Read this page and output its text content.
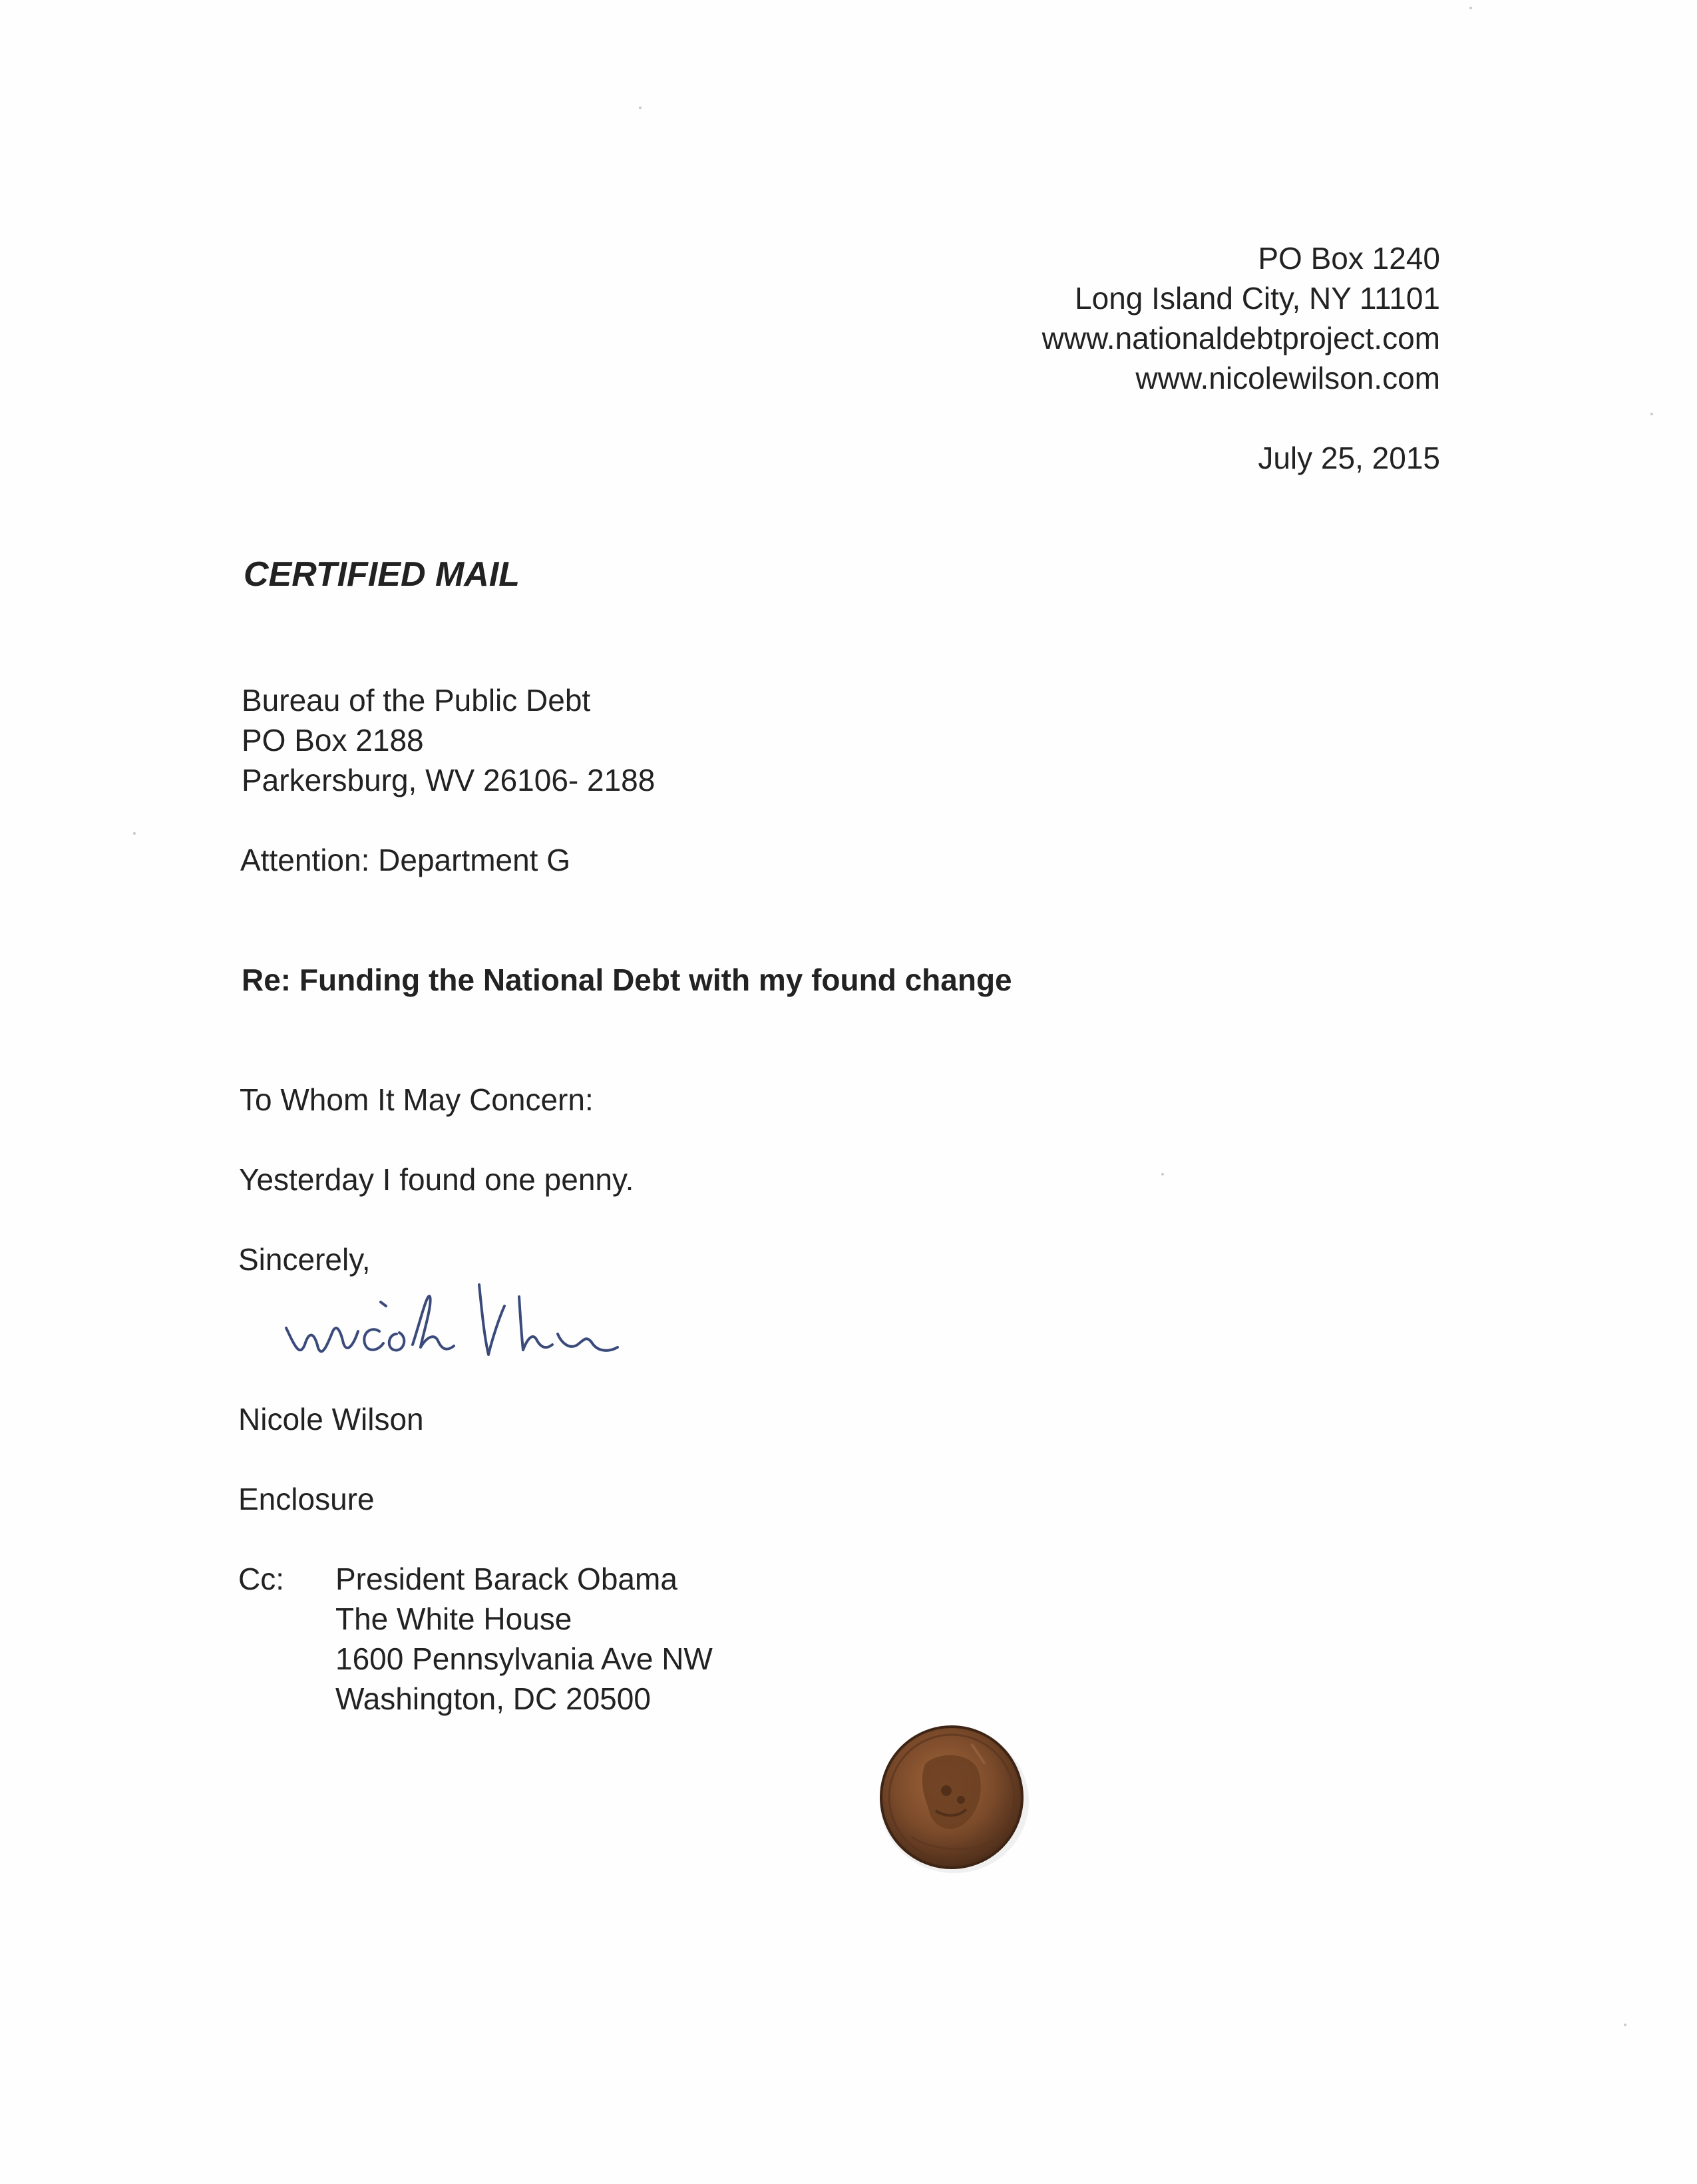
PO Box 1240
Long Island City, NY 11101
www.nationaldebtproject.com
www.nicolewilson.com

July 25, 2015

CERTIFIED MAIL

Bureau of the Public Debt
PO Box 2188
Parkersburg, WV 26106- 2188

Attention: Department G

Re: Funding the National Debt with my found change

To Whom It May Concern:

Yesterday I found one penny.

Sincerely,

Nicole Wilson

Enclosure

Cc: President Barack Obama
The White House
1600 Pennsylvania Ave NW
Washington, DC 20500
